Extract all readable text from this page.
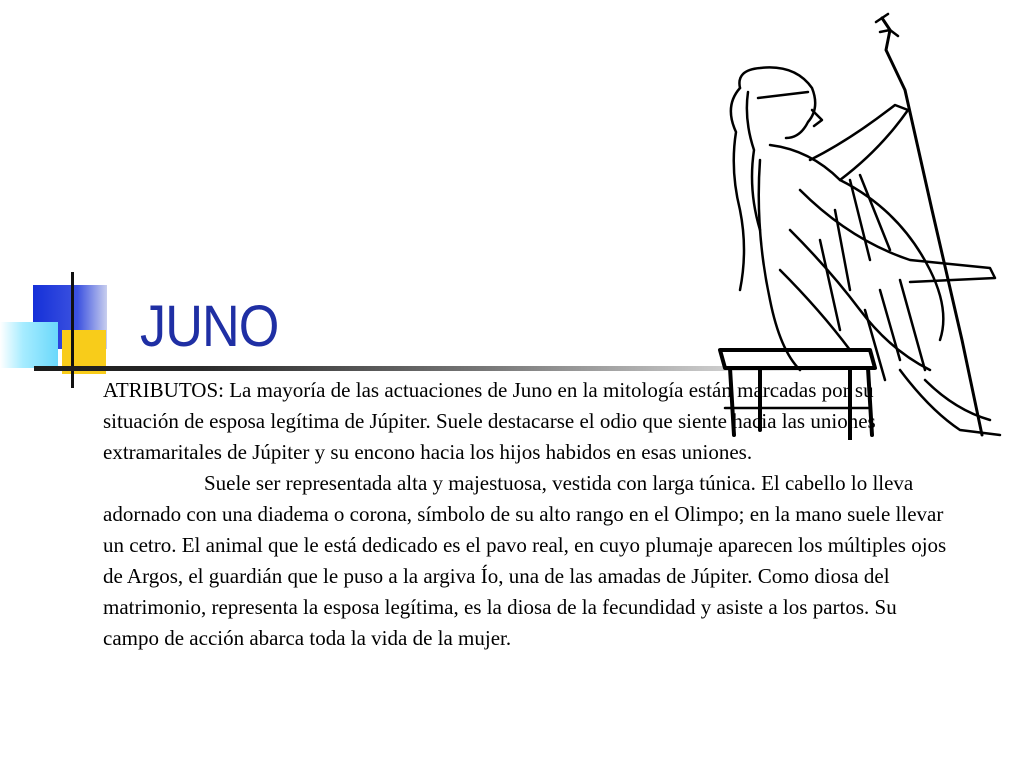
JUNO

ATRIBUTOS: La mayoría de las actuaciones de Juno en la mitología están marcadas por su situación de esposa legítima de Júpiter. Suele destacarse el odio que siente hacia las uniones extramaritales de Júpiter y su encono hacia los hijos habidos en esas uniones.

Suele ser representada alta y majestuosa, vestida con larga túnica. El cabello lo lleva adornado con una diadema o corona, símbolo de su alto rango en el Olimpo; en la mano suele llevar un cetro. El animal que le está dedicado es el pavo real, en cuyo plumaje aparecen los múltiples ojos de Argos, el guardián que le puso a la argiva Ío, una de las amadas de Júpiter. Como diosa del matrimonio, representa la esposa legítima, es la diosa de la fecundidad y asiste a los partos. Su campo de acción abarca toda la vida de la mujer.
